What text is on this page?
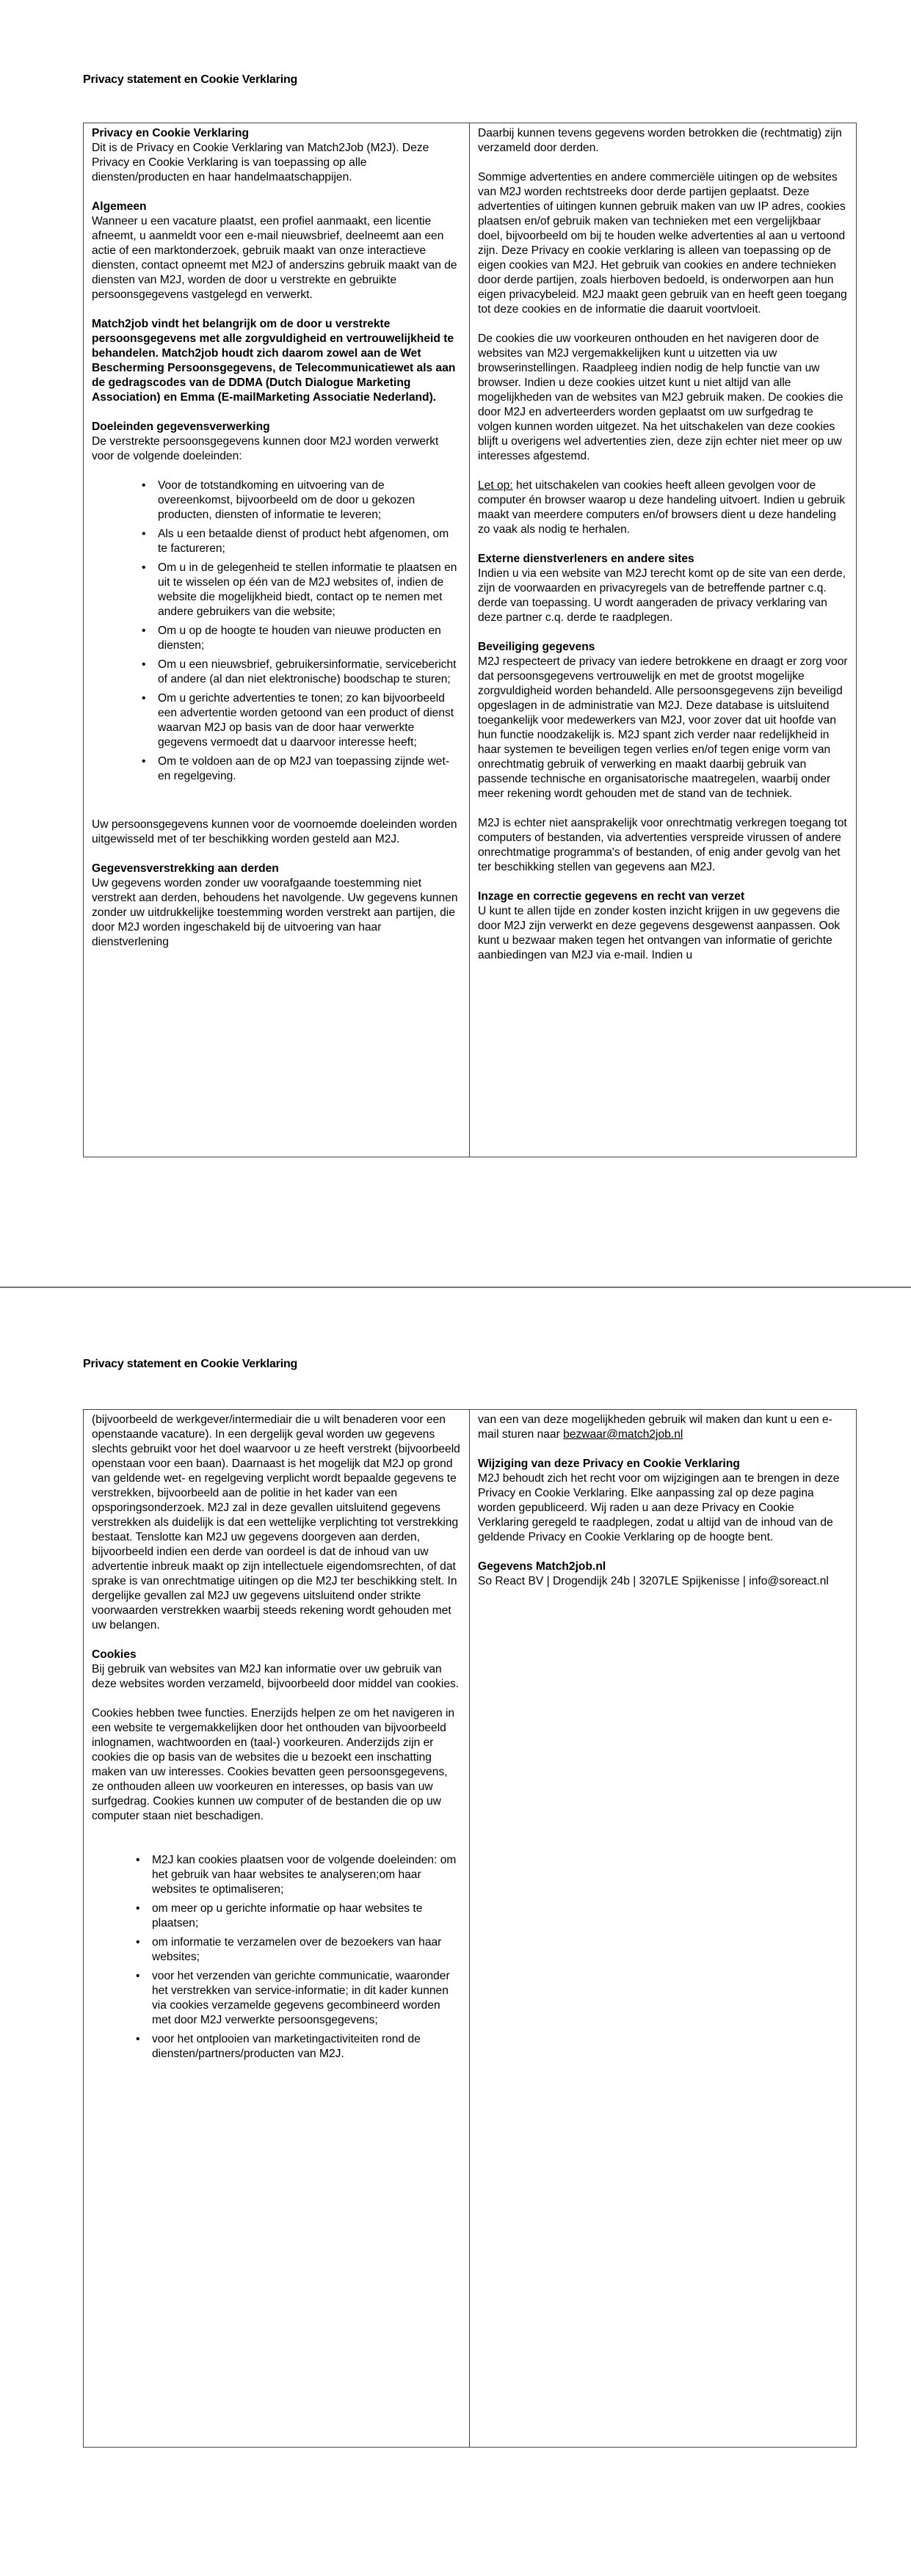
Privacy statement en Cookie Verklaring

Privacy en Cookie Verklaring

Dit is de Privacy en Cookie Verklaring van Match2Job (M2J). Deze Privacy en Cookie Verklaring is van toepassing op alle diensten/producten en haar handelmaatschappijen.

Algemeen

Wanneer u een vacature plaatst, een profiel aanmaakt, een licentie afneemt, u aanmeldt voor een e-mail nieuwsbrief, deelneemt aan een actie of een marktonderzoek, gebruik maakt van onze interactieve diensten, contact opneemt met M2J of anderszins gebruik maakt van de diensten van M2J, worden de door u verstrekte en gebruikte persoonsgegevens vastgelegd en verwerkt.

Match2job vindt het belangrijk om de door u verstrekte persoonsgegevens met alle zorgvuldigheid en vertrouwelijkheid te behandelen. Match2job houdt zich daarom zowel aan de Wet Bescherming Persoonsgegevens, de Telecommunicatiewet als aan de gedragscodes van de DDMA (Dutch Dialogue Marketing Association) en Emma (E-mailMarketing Associatie Nederland).

Doeleinden gegevensverwerking

De verstrekte persoonsgegevens kunnen door M2J worden verwerkt voor de volgende doeleinden:

• Voor de totstandkoming en uitvoering van de overeenkomst, bijvoorbeeld om de door u gekozen producten, diensten of informatie te leveren;
• Als u een betaalde dienst of product hebt afgenomen, om te factureren;
• Om u in de gelegenheid te stellen informatie te plaatsen en uit te wisselen op één van de M2J websites of, indien de website die mogelijkheid biedt, contact op te nemen met andere gebruikers van die website;
• Om u op de hoogte te houden van nieuwe producten en diensten;
• Om u een nieuwsbrief, gebruikersinformatie, servicebericht of andere (al dan niet elektronische) boodschap te sturen;
• Om u gerichte advertenties te tonen; zo kan bijvoorbeeld een advertentie worden getoond van een product of dienst waarvan M2J op basis van de door haar verwerkte gegevens vermoedt dat u daarvoor interesse heeft;
• Om te voldoen aan de op M2J van toepassing zijnde wet- en regelgeving.

Uw persoonsgegevens kunnen voor de voornoemde doeleinden worden uitgewisseld met of ter beschikking worden gesteld aan M2J.

Gegevensverstrekking aan derden

Uw gegevens worden zonder uw voorafgaande toestemming niet verstrekt aan derden, behoudens het navolgende. Uw gegevens kunnen zonder uw uitdrukkelijke toestemming worden verstrekt aan partijen, die door M2J worden ingeschakeld bij de uitvoering van haar dienstverlening

Daarbij kunnen tevens gegevens worden betrokken die (rechtmatig) zijn verzameld door derden.

Sommige advertenties en andere commerciële uitingen op de websites van M2J worden rechtstreeks door derde partijen geplaatst. Deze advertenties of uitingen kunnen gebruik maken van uw IP adres, cookies plaatsen en/of gebruik maken van technieken met een vergelijkbaar doel, bijvoorbeeld om bij te houden welke advertenties al aan u vertoond zijn. Deze Privacy en cookie verklaring is alleen van toepassing op de eigen cookies van M2J. Het gebruik van cookies en andere technieken door derde partijen, zoals hierboven bedoeld, is onderworpen aan hun eigen privacybeleid. M2J maakt geen gebruik van en heeft geen toegang tot deze cookies en de informatie die daaruit voortvloeit.

De cookies die uw voorkeuren onthouden en het navigeren door de websites van M2J vergemakkelijken kunt u uitzetten via uw browserinstellingen. Raadpleeg indien nodig de help functie van uw browser. Indien u deze cookies uitzet kunt u niet altijd van alle mogelijkheden van de websites van M2J gebruik maken. De cookies die door M2J en adverteerders worden geplaatst om uw surfgedrag te volgen kunnen worden uitgezet. Na het uitschakelen van deze cookies blijft u overigens wel advertenties zien, deze zijn echter niet meer op uw interesses afgestemd.

Let op: het uitschakelen van cookies heeft alleen gevolgen voor de computer én browser waarop u deze handeling uitvoert. Indien u gebruik maakt van meerdere computers en/of browsers dient u deze handeling zo vaak als nodig te herhalen.

Externe dienstverleners en andere sites

Indien u via een website van M2J terecht komt op de site van een derde, zijn de voorwaarden en privacyregels van de betreffende partner c.q. derde van toepassing. U wordt aangeraden de privacy verklaring van deze partner c.q. derde te raadplegen.

Beveiliging gegevens

M2J respecteert de privacy van iedere betrokkene en draagt er zorg voor dat persoonsgegevens vertrouwelijk en met de grootst mogelijke zorgvuldigheid worden behandeld. Alle persoonsgegevens zijn beveiligd opgeslagen in de administratie van M2J. Deze database is uitsluitend toegankelijk voor medewerkers van M2J, voor zover dat uit hoofde van hun functie noodzakelijk is. M2J spant zich verder naar redelijkheid in haar systemen te beveiligen tegen verlies en/of tegen enige vorm van onrechtmatig gebruik of verwerking en maakt daarbij gebruik van passende technische en organisatorische maatregelen, waarbij onder meer rekening wordt gehouden met de stand van de techniek.

M2J is echter niet aansprakelijk voor onrechtmatig verkregen toegang tot computers of bestanden, via advertenties verspreide virussen of andere onrechtmatige programma's of bestanden, of enig ander gevolg van het ter beschikking stellen van gegevens aan M2J.

Inzage en correctie gegevens en recht van verzet

U kunt te allen tijde en zonder kosten inzicht krijgen in uw gegevens die door M2J zijn verwerkt en deze gegevens desgewenst aanpassen. Ook kunt u bezwaar maken tegen het ontvangen van informatie of gerichte aanbiedingen van M2J via e-mail. Indien u

Privacy statement en Cookie Verklaring

(bijvoorbeeld de werkgever/intermediair die u wilt benaderen voor een openstaande vacature). In een dergelijk geval worden uw gegevens slechts gebruikt voor het doel waarvoor u ze heeft verstrekt (bijvoorbeeld openstaan voor een baan). Daarnaast is het mogelijk dat M2J op grond van geldende wet- en regelgeving verplicht wordt bepaalde gegevens te verstrekken, bijvoorbeeld aan de politie in het kader van een opsporingsonderzoek. M2J zal in deze gevallen uitsluitend gegevens verstrekken als duidelijk is dat een wettelijke verplichting tot verstrekking bestaat. Tenslotte kan M2J uw gegevens doorgeven aan derden, bijvoorbeeld indien een derde van oordeel is dat de inhoud van uw advertentie inbreuk maakt op zijn intellectuele eigendomsrechten, of dat sprake is van onrechtmatige uitingen op die M2J ter beschikking stelt. In dergelijke gevallen zal M2J uw gegevens uitsluitend onder strikte voorwaarden verstrekken waarbij steeds rekening wordt gehouden met uw belangen.

Cookies

Bij gebruik van websites van M2J kan informatie over uw gebruik van deze websites worden verzameld, bijvoorbeeld door middel van cookies.

Cookies hebben twee functies. Enerzijds helpen ze om het navigeren in een website te vergemakkelijken door het onthouden van bijvoorbeeld inlognamen, wachtwoorden en (taal-) voorkeuren. Anderzijds zijn er cookies die op basis van de websites die u bezoekt een inschatting maken van uw interesses. Cookies bevatten geen persoonsgegevens, ze onthouden alleen uw voorkeuren en interesses, op basis van uw surfgedrag. Cookies kunnen uw computer of de bestanden die op uw computer staan niet beschadigen.

• M2J kan cookies plaatsen voor de volgende doeleinden: om het gebruik van haar websites te analyseren;om haar websites te optimaliseren;
• om meer op u gerichte informatie op haar websites te plaatsen;
• om informatie te verzamelen over de bezoekers van haar websites;
• voor het verzenden van gerichte communicatie, waaronder het verstrekken van service-informatie; in dit kader kunnen via cookies verzamelde gegevens gecombineerd worden met door M2J verwerkte persoonsgegevens;
• voor het ontplooien van marketingactiviteiten rond de diensten/partners/producten van M2J.

van een van deze mogelijkheden gebruik wil maken dan kunt u een e-mail sturen naar bezwaar@match2job.nl

Wijziging van deze Privacy en Cookie Verklaring

M2J behoudt zich het recht voor om wijzigingen aan te brengen in deze Privacy en Cookie Verklaring. Elke aanpassing zal op deze pagina worden gepubliceerd. Wij raden u aan deze Privacy en Cookie Verklaring geregeld te raadplegen, zodat u altijd van de inhoud van de geldende Privacy en Cookie Verklaring op de hoogte bent.

Gegevens Match2job.nl

So React BV | Drogendijk 24b | 3207LE Spijkenisse | info@soreact.nl
